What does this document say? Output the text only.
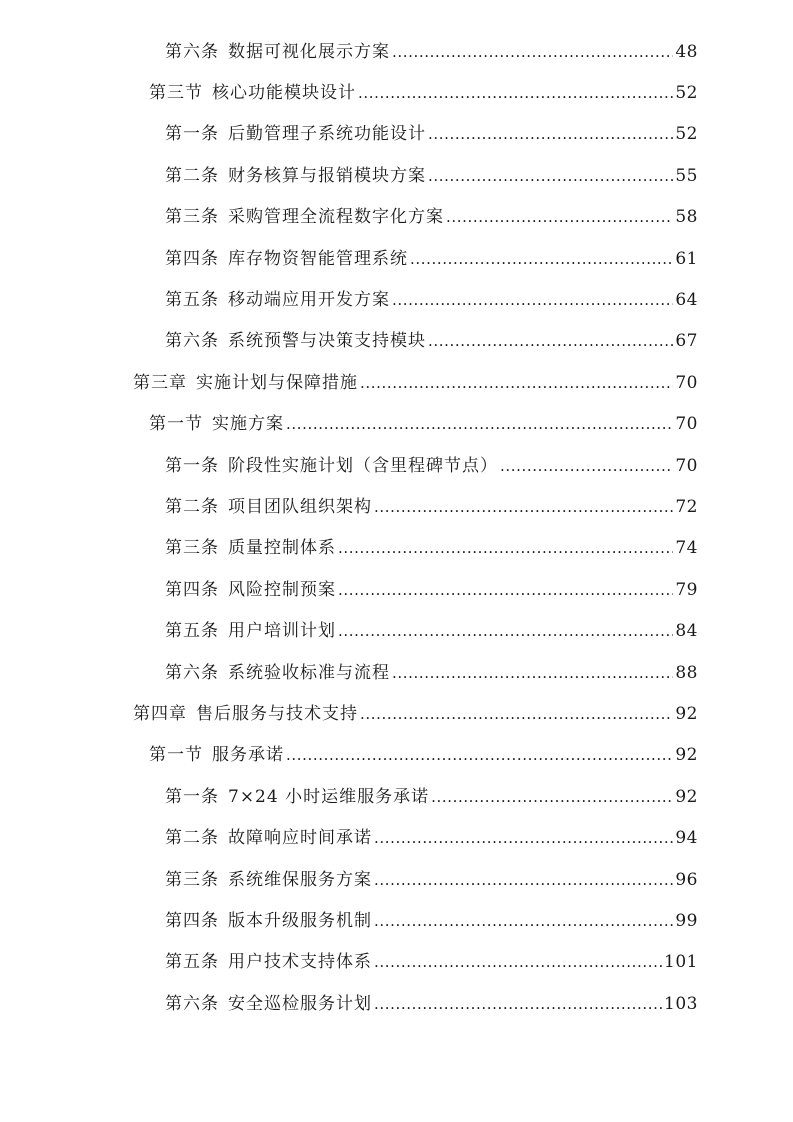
第六条 数据可视化展示方案 .....	48
第三节 核心功能模块设计 .....	52
第一条 后勤管理子系统功能设计 .....	52
第二条 财务核算与报销模块方案 .....	55
第三条 采购管理全流程数字化方案 .....	58
第四条 库存物资智能管理系统 .....	61
第五条 移动端应用开发方案 .....	64
第六条 系统预警与决策支持模块 .....	67
第三章 实施计划与保障措施 .....	70
第一节 实施方案 .....	70
第一条 阶段性实施计划（含里程碑节点） .....	70
第二条 项目团队组织架构 .....	72
第三条 质量控制体系 .....	74
第四条 风险控制预案 .....	79
第五条 用户培训计划 .....	84
第六条 系统验收标准与流程 .....	88
第四章 售后服务与技术支持 .....	92
第一节 服务承诺 .....	92
第一条 7×24 小时运维服务承诺 .....	92
第二条 故障响应时间承诺 .....	94
第三条 系统维保服务方案 .....	96
第四条 版本升级服务机制 .....	99
第五条 用户技术支持体系 .....	101
第六条 安全巡检服务计划 .....	103
